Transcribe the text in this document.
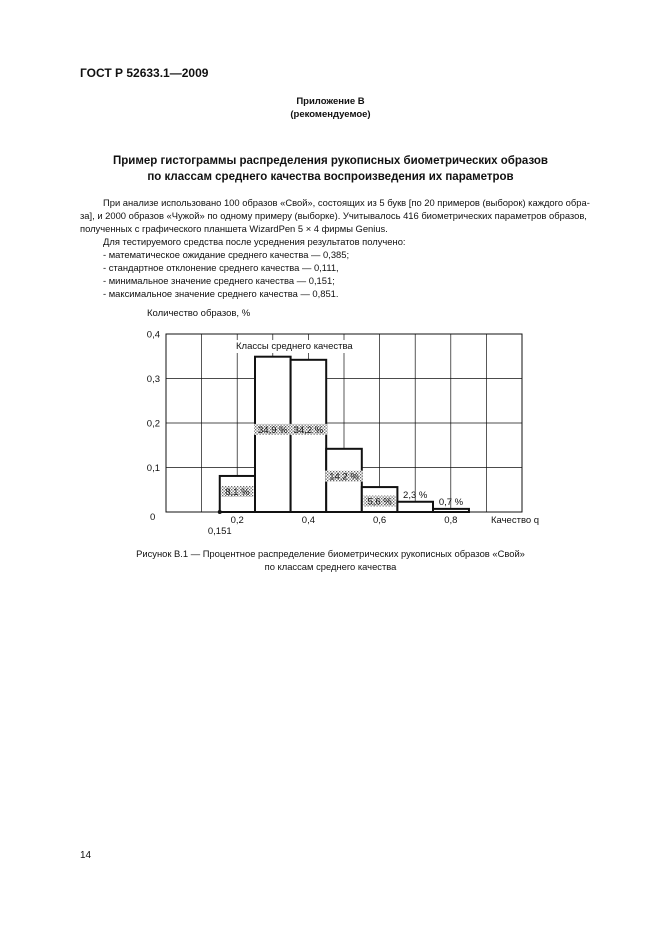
ГОСТ Р 52633.1—2009
Приложение В
(рекомендуемое)
Пример гистограммы распределения рукописных биометрических образов
по классам среднего качества воспроизведения их параметров
При анализе использовано 100 образов «Свой», состоящих из 5 букв [по 20 примеров (выборок) каждого обра-
за], и 2000 образов «Чужой» по одному примеру (выборке). Учитывалось 416 биометрических параметров образов,
полученных с графического планшета WizardPen 5 × 4 фирмы Genius.
Для тестируемого средства после усреднения результатов получено:
- математическое ожидание среднего качества — 0,385;
- стандартное отклонение среднего качества — 0,111,
- минимальное значение среднего качества — 0,151;
- максимальное значение среднего качества — 0,851.
0,1
0,2
0,3
0,4
0,2	0,4	0,6	0,8
0,151
8,1 %
34,9 % 34,2 %
14,2 %
5,6 %
2,3 %
0,7 %
Количество образов, %
Классы среднего качества
Качество q
0
Рисунок В.1 — Процентное распределение биометрических рукописных образов «Свой»
по классам среднего качества
14
